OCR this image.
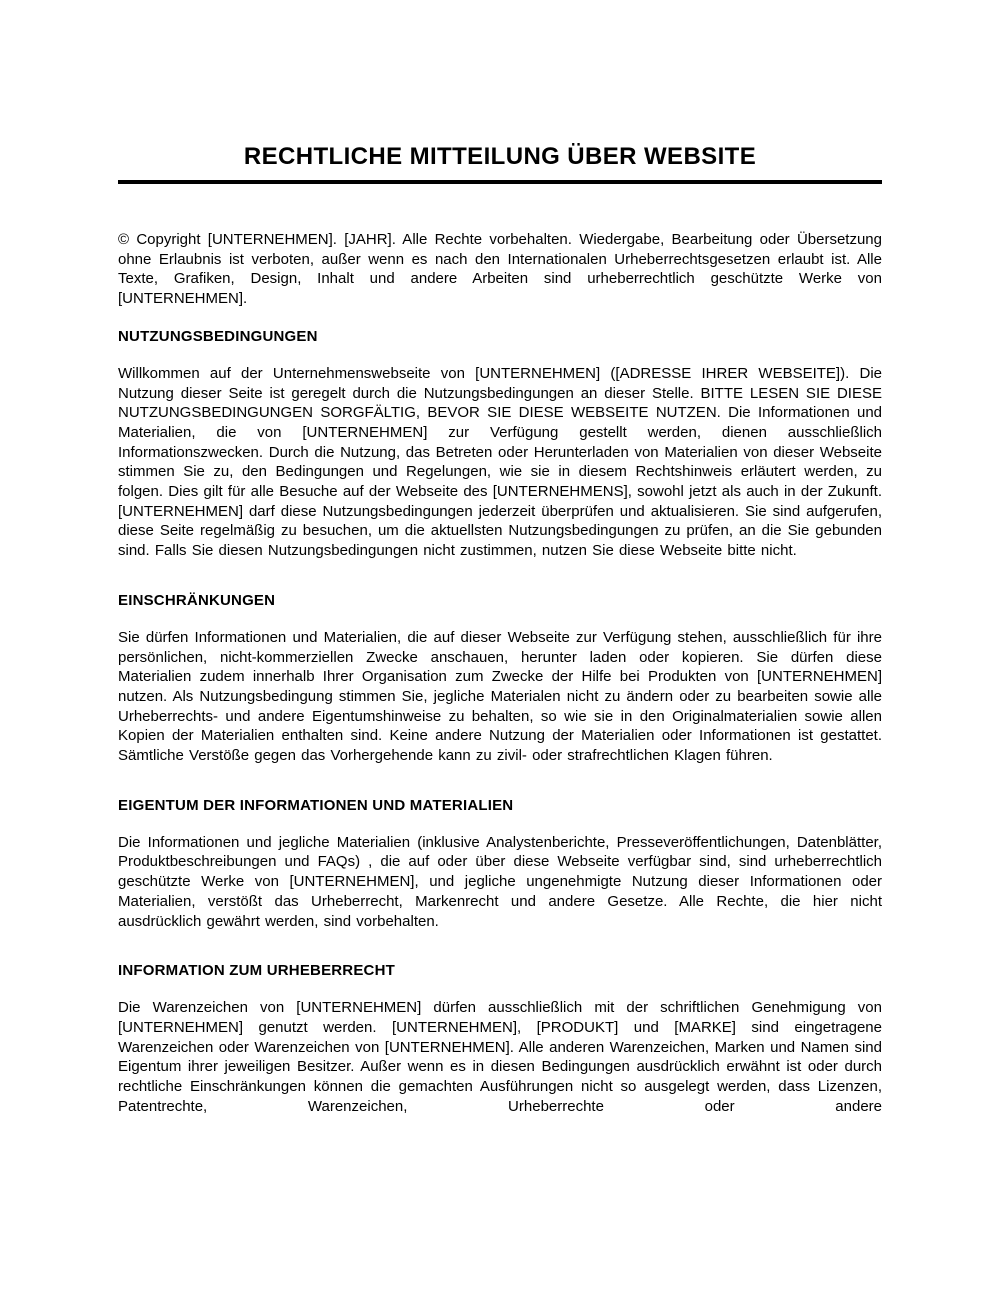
RECHTLICHE MITTEILUNG ÜBER WEBSITE

© Copyright [UNTERNEHMEN]. [JAHR]. Alle Rechte vorbehalten. Wiedergabe, Bearbeitung oder Übersetzung ohne Erlaubnis ist verboten, außer wenn es nach den Internationalen Urheberrechtsgesetzen erlaubt ist. Alle Texte, Grafiken, Design, Inhalt und andere Arbeiten sind urheberrechtlich geschützte Werke von [UNTERNEHMEN].

NUTZUNGSBEDINGUNGEN

Willkommen auf der Unternehmenswebseite von [UNTERNEHMEN] ([ADRESSE IHRER WEBSEITE]). Die Nutzung dieser Seite ist geregelt durch die Nutzungsbedingungen an dieser Stelle. BITTE LESEN SIE DIESE NUTZUNGSBEDINGUNGEN SORGFÄLTIG, BEVOR SIE DIESE WEBSEITE NUTZEN. Die Informationen und Materialien, die von [UNTERNEHMEN] zur Verfügung gestellt werden, dienen ausschließlich Informationszwecken. Durch die Nutzung, das Betreten oder Herunterladen von Materialien von dieser Webseite stimmen Sie zu, den Bedingungen und Regelungen, wie sie in diesem Rechtshinweis erläutert werden, zu folgen. Dies gilt für alle Besuche auf der Webseite des [UNTERNEHMENS], sowohl jetzt als auch in der Zukunft. [UNTERNEHMEN] darf diese Nutzungsbedingungen jederzeit überprüfen und aktualisieren. Sie sind aufgerufen, diese Seite regelmäßig zu besuchen, um die aktuellsten Nutzungsbedingungen zu prüfen, an die Sie gebunden sind. Falls Sie diesen Nutzungsbedingungen nicht zustimmen, nutzen Sie diese Webseite bitte nicht.

EINSCHRÄNKUNGEN

Sie dürfen Informationen und Materialien, die auf dieser Webseite zur Verfügung stehen, ausschließlich für ihre persönlichen, nicht-kommerziellen Zwecke anschauen, herunter laden oder kopieren. Sie dürfen diese Materialien zudem innerhalb Ihrer Organisation zum Zwecke der Hilfe bei Produkten von [UNTERNEHMEN] nutzen. Als Nutzungsbedingung stimmen Sie, jegliche Materialen nicht zu ändern oder zu bearbeiten sowie alle Urheberrechts- und andere Eigentumshinweise zu behalten, so wie sie in den Originalmaterialien sowie allen Kopien der Materialien enthalten sind. Keine andere Nutzung der Materialien oder Informationen ist gestattet. Sämtliche Verstöße gegen das Vorhergehende kann zu zivil- oder strafrechtlichen Klagen führen.

EIGENTUM DER INFORMATIONEN UND MATERIALIEN

Die Informationen und jegliche Materialien (inklusive Analystenberichte, Presseveröffentlichungen, Datenblätter, Produktbeschreibungen und FAQs) , die auf oder über diese Webseite verfügbar sind, sind urheberrechtlich geschützte Werke von [UNTERNEHMEN], und jegliche ungenehmigte Nutzung dieser Informationen oder Materialien, verstößt das Urheberrecht, Markenrecht und andere Gesetze. Alle Rechte, die hier nicht ausdrücklich gewährt werden, sind vorbehalten.

INFORMATION ZUM URHEBERRECHT

Die Warenzeichen von [UNTERNEHMEN] dürfen ausschließlich mit der schriftlichen Genehmigung von [UNTERNEHMEN] genutzt werden. [UNTERNEHMEN], [PRODUKT] und [MARKE] sind eingetragene Warenzeichen oder Warenzeichen von [UNTERNEHMEN]. Alle anderen Warenzeichen, Marken und Namen sind Eigentum ihrer jeweiligen Besitzer. Außer wenn es in diesen Bedingungen ausdrücklich erwähnt ist oder durch rechtliche Einschränkungen können die gemachten Ausführungen nicht so ausgelegt werden, dass Lizenzen, Patentrechte, Warenzeichen, Urheberrechte oder andere
